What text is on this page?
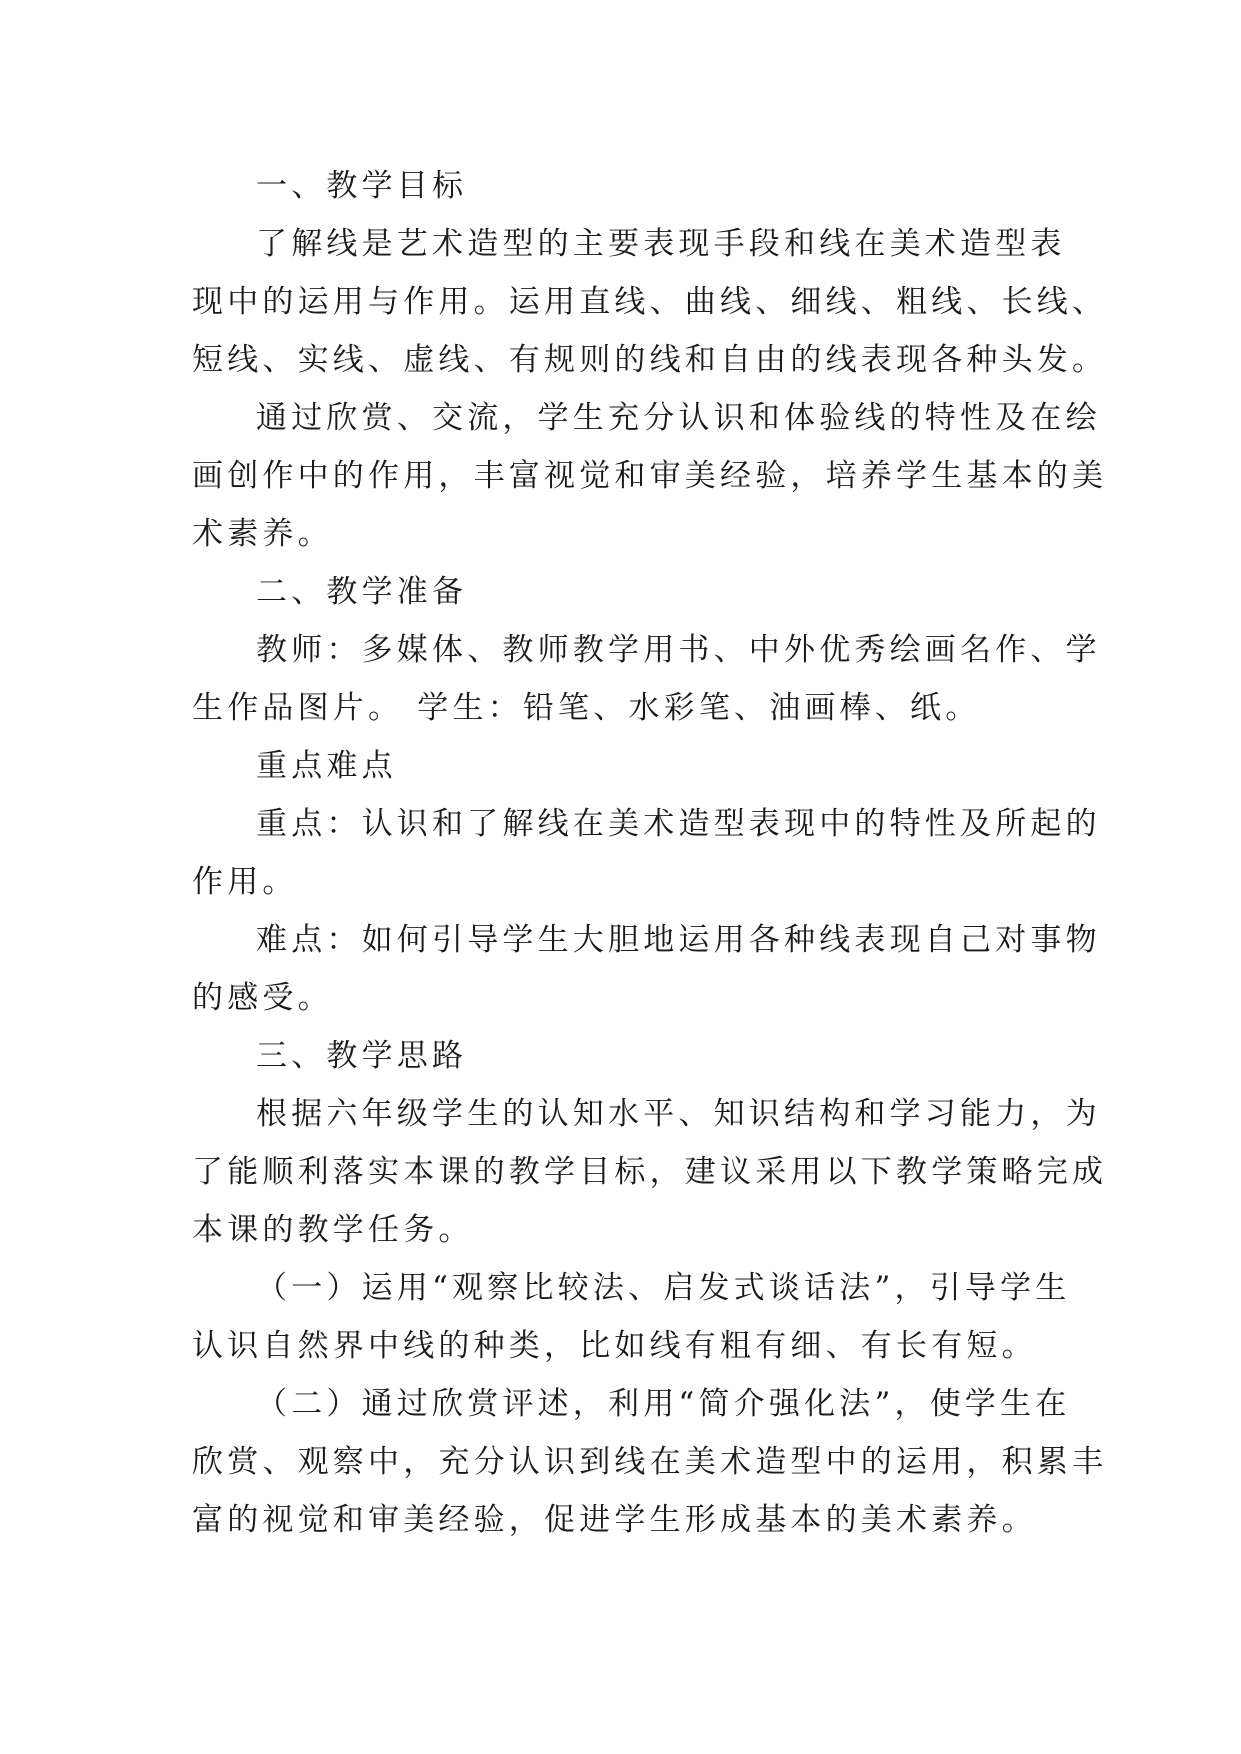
一、教学目标
了解线是艺术造型的主要表现手段和线在美术造型表
现中的运用与作用。运用直线、曲线、细线、粗线、长线、
短线、实线、虚线、有规则的线和自由的线表现各种头发。
通过欣赏、交流，学生充分认识和体验线的特性及在绘
画创作中的作用，丰富视觉和审美经验，培养学生基本的美
术素养。
二、教学准备
教师：多媒体、教师教学用书、中外优秀绘画名作、学
生作品图片。 学生：铅笔、水彩笔、油画棒、纸。
重点难点
重点：认识和了解线在美术造型表现中的特性及所起的
作用。
难点：如何引导学生大胆地运用各种线表现自己对事物
的感受。
三、教学思路
根据六年级学生的认知水平、知识结构和学习能力，为
了能顺利落实本课的教学目标，建议采用以下教学策略完成
本课的教学任务。
（一）运用“观察比较法、启发式谈话法”，引导学生
认识自然界中线的种类，比如线有粗有细、有长有短。
（二）通过欣赏评述，利用“简介强化法”，使学生在
欣赏、观察中，充分认识到线在美术造型中的运用，积累丰
富的视觉和审美经验，促进学生形成基本的美术素养。
